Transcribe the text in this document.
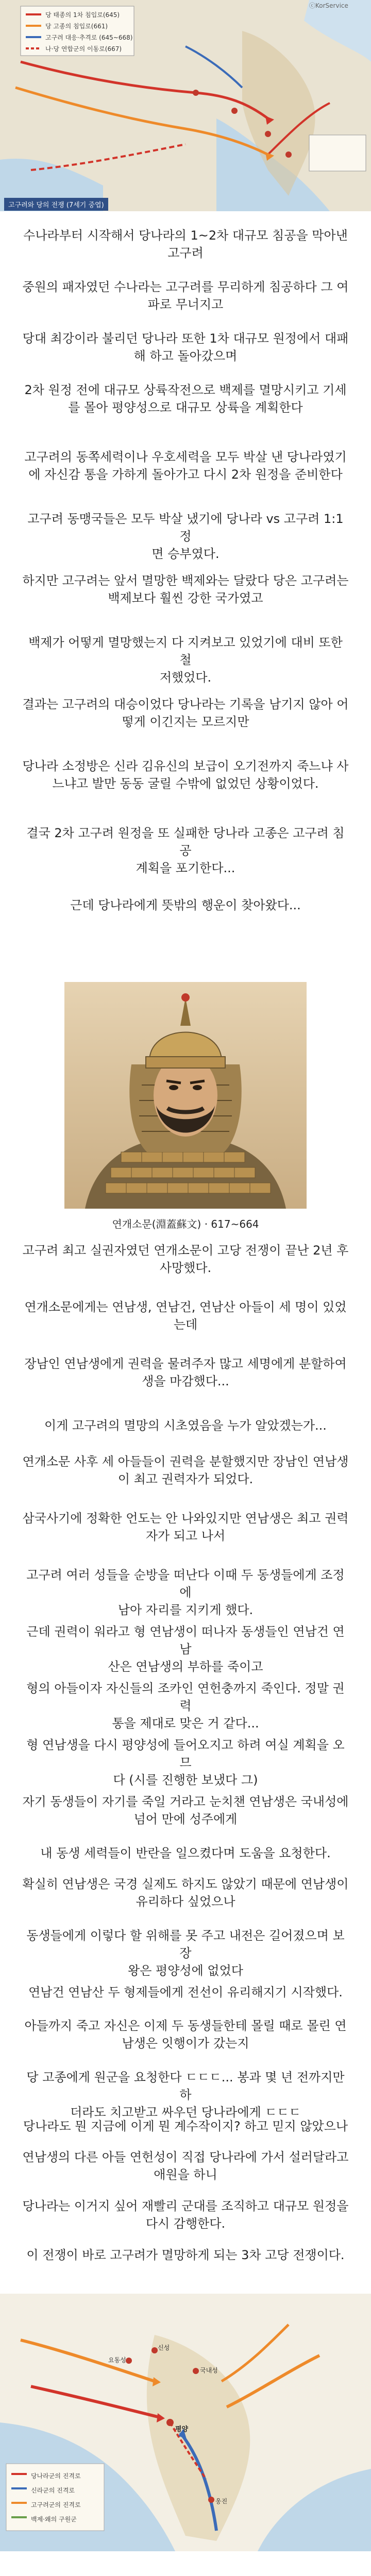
당 태종의 1차 침입로(645)
당 고종의 침입로(661)
고구려 대응·추격로 (645~668)
나·당 연합군의 이동로(667)
ⓒKorService
고구려와 당의 전쟁 (7세기 중엽)
수나라부터 시작해서 당나라의 1~2차 대규모 침공을 막아낸
고구려
중원의 패자였던 수나라는 고구려를 무리하게 침공하다 그 여
파로 무너지고
당대 최강이라 불리던 당나라 또한 1차 대규모 원정에서 대패
해 하고 돌아갔으며
2차 원정 전에 대규모 상륙작전으로 백제를 멸망시키고 기세
를 몰아 평양성으로 대규모 상륙을 계획한다
고구려의 동쪽세력이나 우호세력을 모두 박살 낸 당나라였기
에 자신감 통을 가하게 돌아가고 다시 2차 원정을 준비한다
고구려 동맹국들은 모두 박살 냈기에 당나라 vs 고구려 1:1 정
면 승부였다.
하지만 고구려는 앞서 멸망한 백제와는 달랐다 당은 고구려는
백제보다 훨씬 강한 국가였고
백제가 어떻게 멸망했는지 다 지켜보고 있었기에 대비 또한 철
저했었다.
결과는 고구려의 대승이었다 당나라는 기록을 남기지 않아 어
떻게 이긴지는 모르지만
당나라 소정방은 신라 김유신의 보급이 오기전까지 죽느냐 사
느냐고 발만 동동 굴릴 수밖에 없었던 상황이었다.
결국 2차 고구려 원정을 또 실패한 당나라 고종은 고구려 침공
계획을 포기한다...
근데 당나라에게 뜻밖의 행운이 찾아왔다...
연개소문(淵蓋蘇文) · 617~664
고구려 최고 실권자였던 연개소문이 고당 전쟁이 끝난 2년 후
사망했다.
연개소문에게는 연남생, 연남건, 연남산 아들이 세 명이 있었
는데
장남인 연남생에게 권력을 물려주자 많고 세명에게 분할하여
생을 마감했다...
이게 고구려의 멸망의 시초였음을 누가 알았겠는가...
연개소문 사후 세 아들들이 권력을 분할했지만 장남인 연남생
이 최고 권력자가 되었다.
삼국사기에 정확한 언도는 안 나와있지만 연남생은 최고 권력
자가 되고 나서
고구려 여러 성들을 순방을 떠난다 이때 두 동생들에게 조정에
남아 자리를 지키게 했다.
근데 권력이 워라고 형 연남생이 떠나자 동생들인 연남건 연남
산은 연남생의 부하를 죽이고
형의 아들이자 자신들의 조카인 연헌충까지 죽인다. 정말 권력
통을 제대로 맞은 거 같다...
형 연남생을 다시 평양성에 들어오지고 하려 여실 계획을 오므
다 (시를 진행한 보냈다 그)
자기 동생들이 자기를 죽일 거라고 눈치챈 연남생은 국내성에
넘어 만에 성주에게
내 동생 세력들이 반란을 일으켰다며 도움을 요청한다.
확실히 연남생은 국경 실제도 하지도 않았기 때문에 연남생이
유리하다 싶었으나
동생들에게 이렇다 할 위해를 못 주고 내전은 길어졌으며 보장
왕은 평양성에 없었다
연남건 연남산 두 형제들에게 전선이 유리해지기 시작했다.
아들까지 죽고 자신은 이제 두 동생들한테 몰릴 때로 몰린 연
남생은 잇행이가 갔는지
당 고종에게 원군을 요청한다 ㄷㄷㄷ... 봉과 몇 년 전까지만 하
더라도 치고받고 싸우던 당나라에게 ㄷㄷㄷ
당나라도 뭔 지금에 이게 뭔 계수작이지? 하고 믿지 않았으나
연남생의 다른 아들 연헌성이 직접 당나라에 가서 설러달라고
애원을 하니
당나라는 이거지 싶어 재빨리 군대를 조직하고 대규모 원정을
다시 감행한다.
이 전쟁이 바로 고구려가 멸망하게 되는 3차 고당 전쟁이다.
당나라군의 진격로
신라군의 진격로
고구려군의 진격로
백제·왜의 구원군
평양
국내성
요동성
신성
웅진
